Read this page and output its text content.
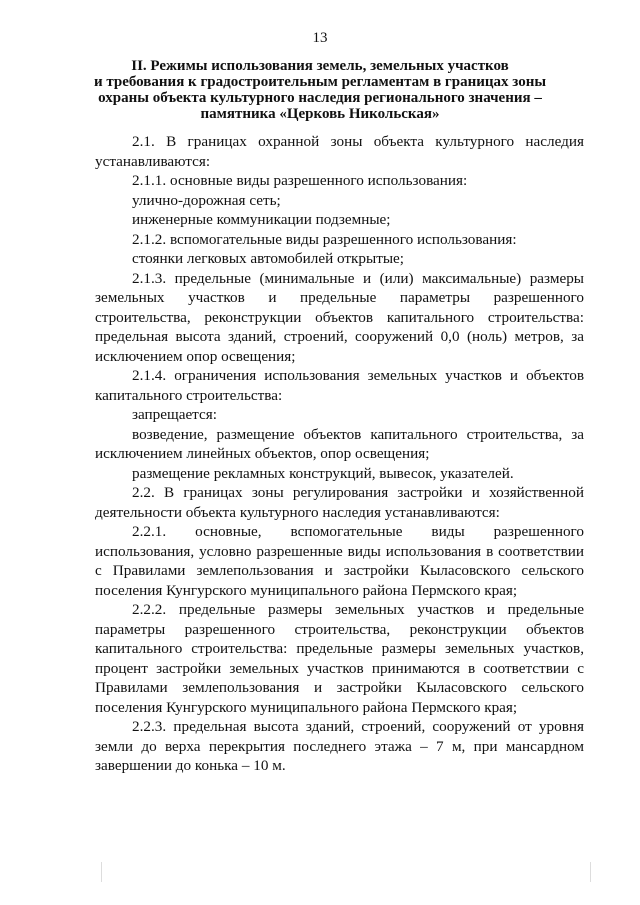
13
II. Режимы использования земель, земельных участков
и требования к градостроительным регламентам в границах зоны
охраны объекта культурного наследия регионального значения –
памятника «Церковь Никольская»

2.1. В границах охранной зоны объекта культурного наследия устанавливаются:

2.1.1. основные виды разрешенного использования:

улично-дорожная сеть;

инженерные коммуникации подземные;

2.1.2. вспомогательные виды разрешенного использования:

стоянки легковых автомобилей открытые;

2.1.3. предельные (минимальные и (или) максимальные) размеры земельных участков и предельные параметры разрешенного строительства, реконструкции объектов капитального строительства: предельная высота зданий, строений, сооружений 0,0 (ноль) метров, за исключением опор освещения;

2.1.4. ограничения использования земельных участков и объектов капитального строительства:

запрещается:

возведение, размещение объектов капитального строительства, за исключением линейных объектов, опор освещения;

размещение рекламных конструкций, вывесок, указателей.

2.2. В границах зоны регулирования застройки и хозяйственной деятельности объекта культурного наследия устанавливаются:

2.2.1. основные, вспомогательные виды разрешенного использования, условно разрешенные виды использования в соответствии с Правилами землепользования и застройки Кыласовского сельского поселения Кунгурского муниципального района Пермского края;

2.2.2. предельные размеры земельных участков и предельные параметры разрешенного строительства, реконструкции объектов капитального строительства: предельные размеры земельных участков, процент застройки земельных участков принимаются в соответствии с Правилами землепользования и застройки Кыласовского сельского поселения Кунгурского муниципального района Пермского края;

2.2.3. предельная высота зданий, строений, сооружений от уровня земли до верха перекрытия последнего этажа – 7 м, при мансардном завершении до конька – 10 м.
